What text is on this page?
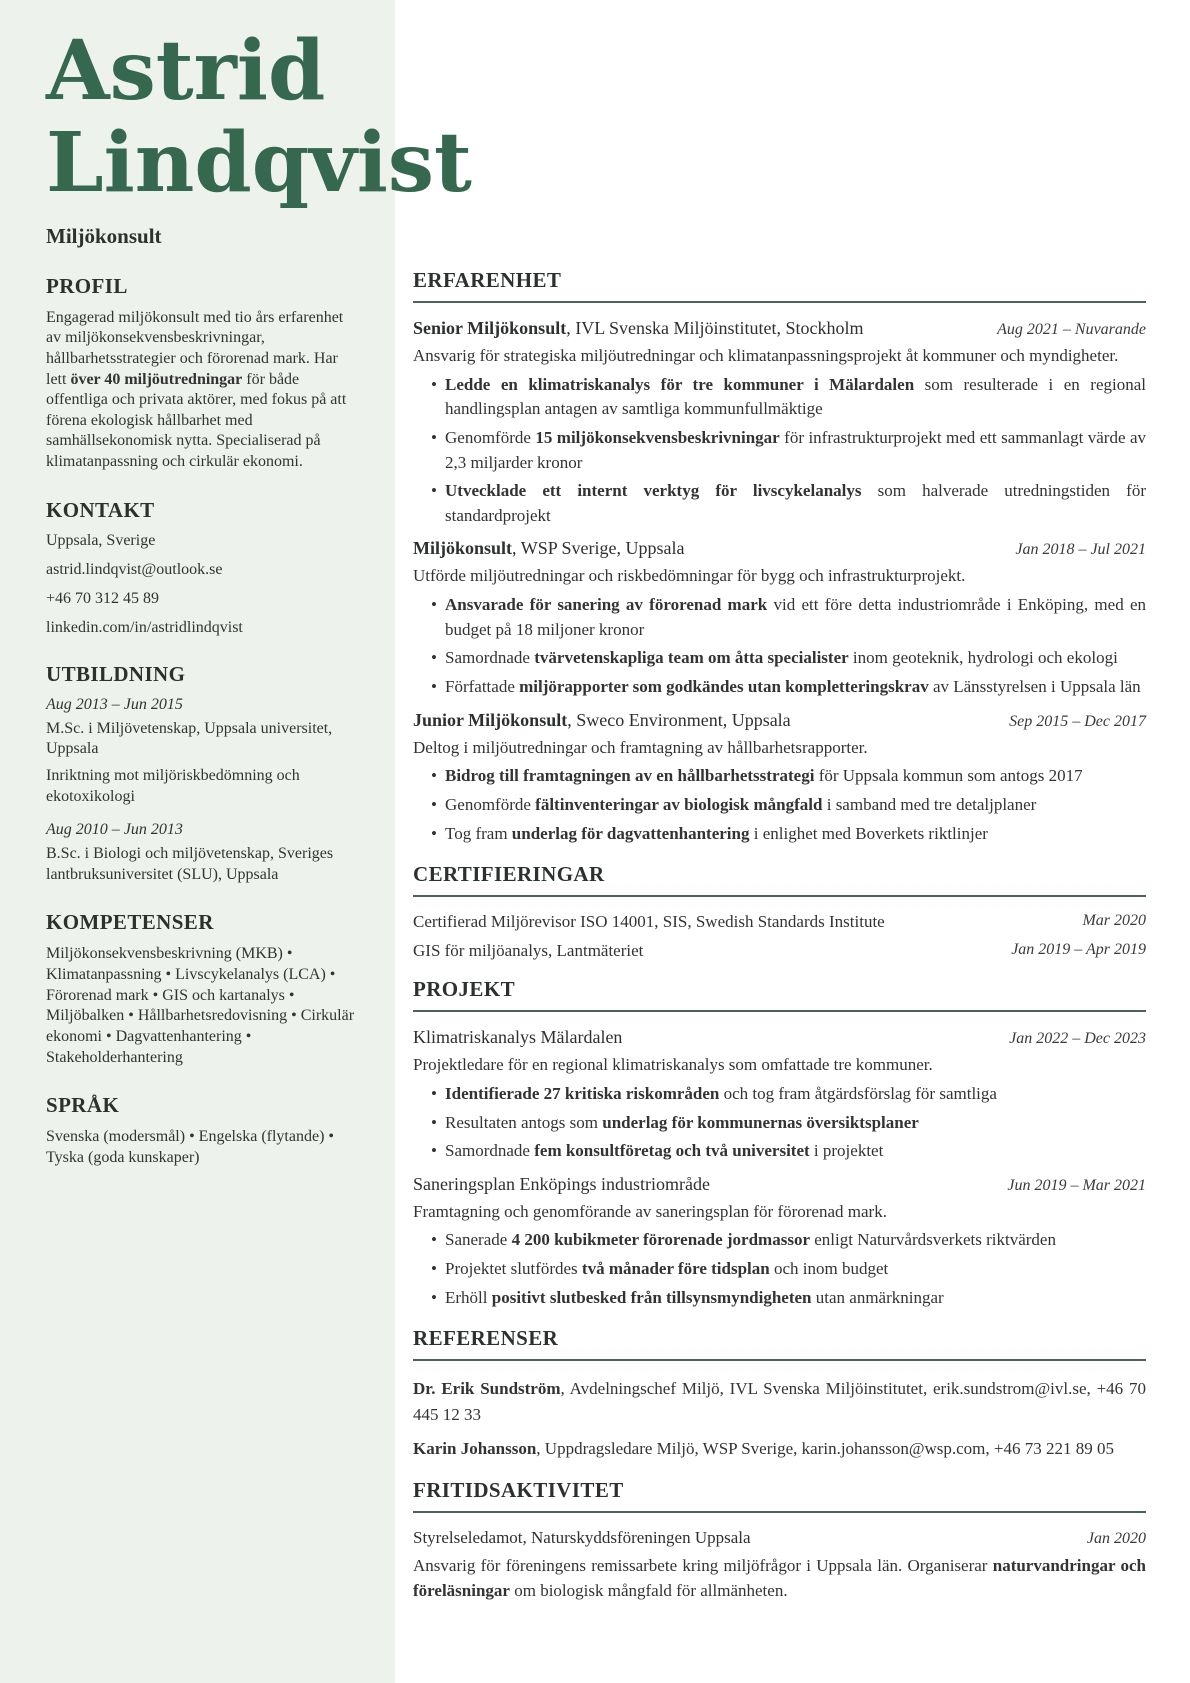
Astrid
Lindqvist

Miljökonsult

PROFIL

Engagerad miljökonsult med tio års erfarenhet av miljökonsekvensbeskrivningar, hållbarhetsstrategier och förorenad mark. Har lett över 40 miljöutredningar för både offentliga och privata aktörer, med fokus på att förena ekologisk hållbarhet med samhällsekonomisk nytta. Specialiserad på klimatanpassning och cirkulär ekonomi.

KONTAKT

Uppsala, Sverige

astrid.lindqvist@outlook.se

+46 70 312 45 89

linkedin.com/in/astridlindqvist

UTBILDNING

Aug 2013 – Jun 2015

M.Sc. i Miljövetenskap, Uppsala universitet, Uppsala

Inriktning mot miljöriskbedömning och ekotoxikologi

Aug 2010 – Jun 2013

B.Sc. i Biologi och miljövetenskap, Sveriges lantbruksuniversitet (SLU), Uppsala

KOMPETENSER

Miljökonsekvensbeskrivning (MKB) • Klimatanpassning • Livscykelanalys (LCA) • Förorenad mark • GIS och kartanalys • Miljöbalken • Hållbarhetsredovisning • Cirkulär ekonomi • Dagvattenhantering • Stakeholderhantering

SPRÅK

Svenska (modersmål) • Engelska (flytande) • Tyska (goda kunskaper)

ERFARENHET

Senior Miljökonsult, IVL Svenska Miljöinstitutet, Stockholm	Aug 2021 – Nuvarande

Ansvarig för strategiska miljöutredningar och klimatanpassningsprojekt åt kommuner och myndigheter.

• Ledde en klimatriskanalys för tre kommuner i Mälardalen som resulterade i en regional handlingsplan antagen av samtliga kommunfullmäktige
• Genomförde 15 miljökonsekvensbeskrivningar för infrastrukturprojekt med ett sammanlagt värde av 2,3 miljarder kronor
• Utvecklade ett internt verktyg för livscykelanalys som halverade utredningstiden för standardprojekt

Miljökonsult, WSP Sverige, Uppsala	Jan 2018 – Jul 2021

Utförde miljöutredningar och riskbedömningar för bygg och infrastrukturprojekt.

• Ansvarade för sanering av förorenad mark vid ett före detta industriområde i Enköping, med en budget på 18 miljoner kronor
• Samordnade tvärvetenskapliga team om åtta specialister inom geoteknik, hydrologi och ekologi
• Författade miljörapporter som godkändes utan kompletteringskrav av Länsstyrelsen i Uppsala län

Junior Miljökonsult, Sweco Environment, Uppsala	Sep 2015 – Dec 2017

Deltog i miljöutredningar och framtagning av hållbarhetsrapporter.

• Bidrog till framtagningen av en hållbarhetsstrategi för Uppsala kommun som antogs 2017
• Genomförde fältinventeringar av biologisk mångfald i samband med tre detaljplaner
• Tog fram underlag för dagvattenhantering i enlighet med Boverkets riktlinjer
CERTIFIERINGAR

Certifierad Miljörevisor ISO 14001, SIS, Swedish Standards Institute	Mar 2020

GIS för miljöanalys, Lantmäteriet	Jan 2019 – Apr 2019

PROJEKT

Klimatriskanalys Mälardalen	Jan 2022 – Dec 2023

Projektledare för en regional klimatriskanalys som omfattade tre kommuner.

• Identifierade 27 kritiska riskområden och tog fram åtgärdsförslag för samtliga
• Resultaten antogs som underlag för kommunernas översiktsplaner
• Samordnade fem konsultföretag och två universitet i projektet

Saneringsplan Enköpings industriområde	Jun 2019 – Mar 2021

Framtagning och genomförande av saneringsplan för förorenad mark.

• Sanerade 4 200 kubikmeter förorenade jordmassor enligt Naturvårdsverkets riktvärden
• Projektet slutfördes två månader före tidsplan och inom budget
• Erhöll positivt slutbesked från tillsynsmyndigheten utan anmärkningar
REFERENSER

Dr. Erik Sundström, Avdelningschef Miljö, IVL Svenska Miljöinstitutet, erik.sundstrom@ivl.se, +46 70 445 12 33

Karin Johansson, Uppdragsledare Miljö, WSP Sverige, karin.johansson@wsp.com, +46 73 221 89 05

FRITIDSAKTIVITET

Styrelseledamot, Naturskyddsföreningen Uppsala	Jan 2020

Ansvarig för föreningens remissarbete kring miljöfrågor i Uppsala län. Organiserar naturvandringar och föreläsningar om biologisk mångfald för allmänheten.
